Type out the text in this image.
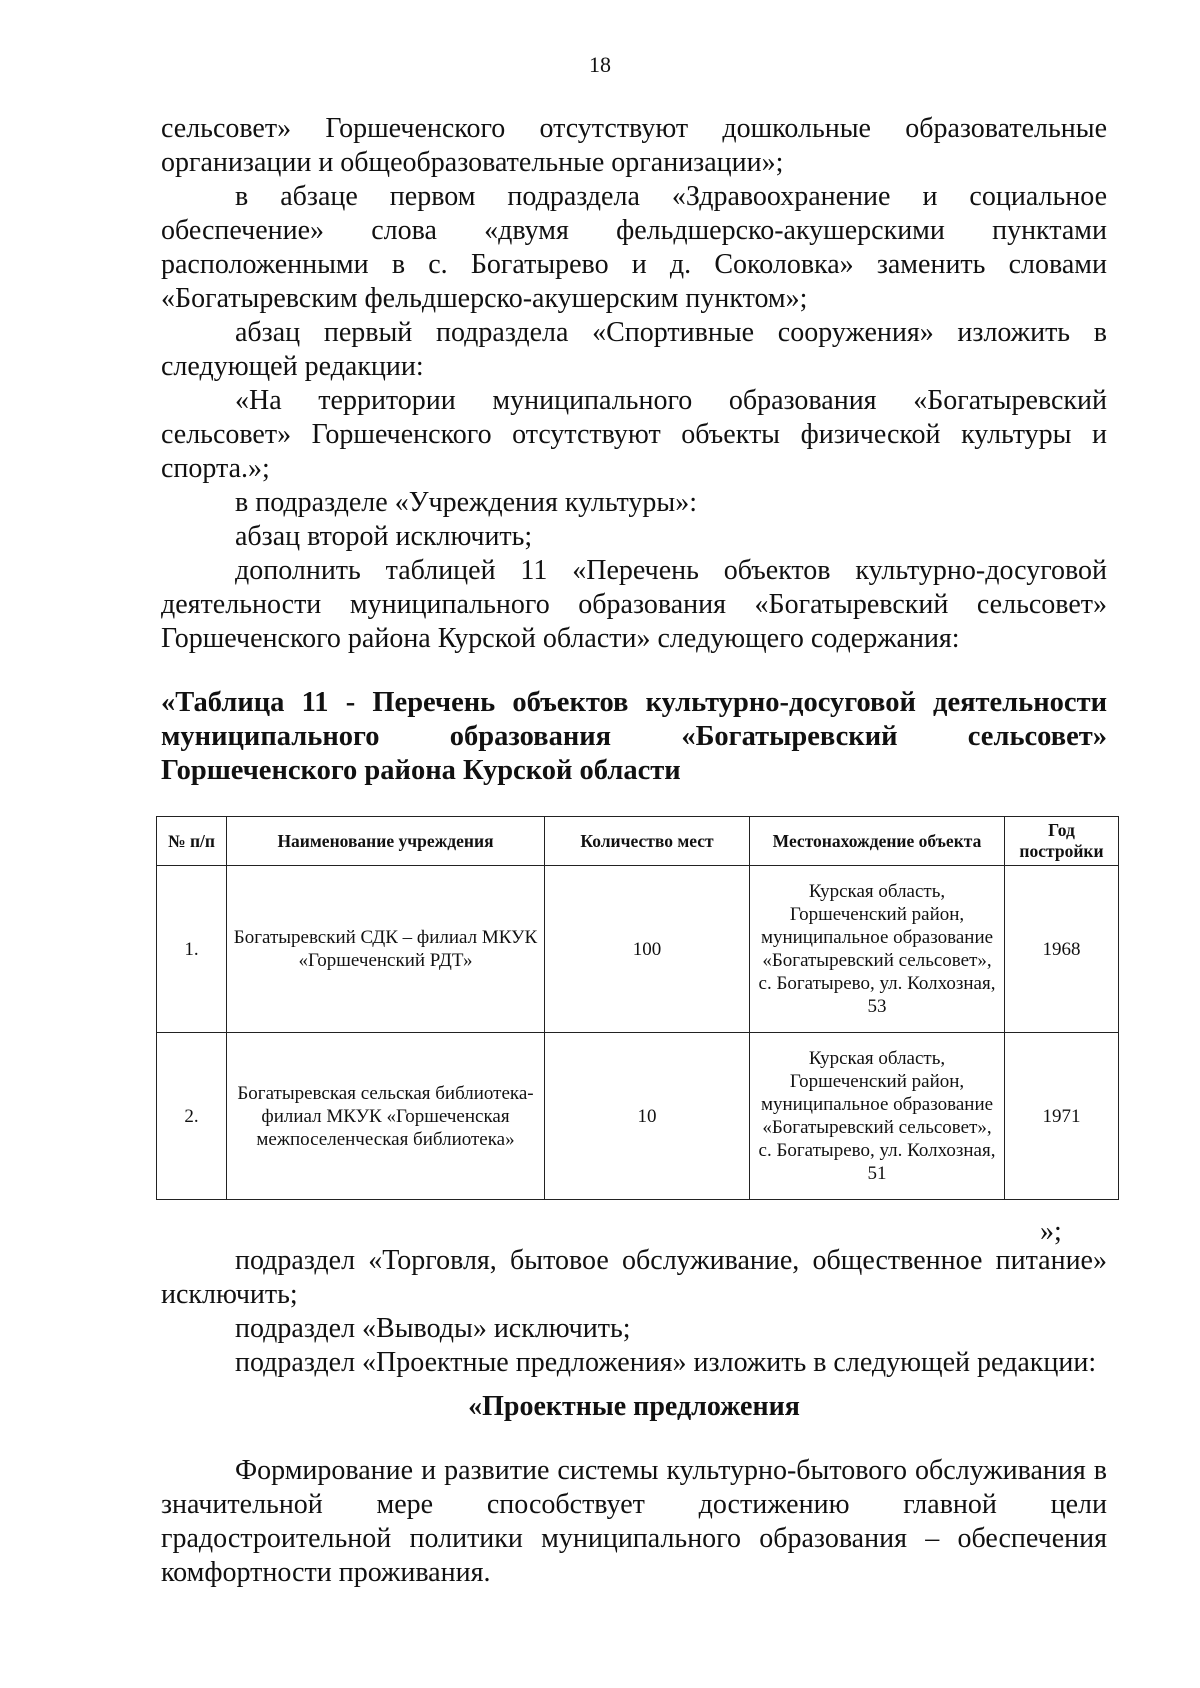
18
сельсовет» Горшеченского отсутствуют дошкольные образовательные
организации и общеобразовательные организации»;
в абзаце первом подраздела «Здравоохранение и социальное обеспечение» слова «двумя фельдшерско-акушерскими пунктами расположенными в с. Богатырево и д. Соколовка» заменить словами «Богатыревским фельдшерско-акушерским пунктом»;
абзац первый подраздела «Спортивные сооружения» изложить в следующей редакции:
«На территории муниципального образования «Богатыревский сельсовет» Горшеченского отсутствуют объекты физической культуры и спорта.»;
в подразделе «Учреждения культуры»:
абзац второй исключить;
дополнить таблицей 11 «Перечень объектов культурно-досуговой деятельности муниципального образования «Богатыревский сельсовет» Горшеченского района Курской области» следующего содержания:
«Таблица 11 - Перечень объектов культурно-досуговой деятельности муниципального образования «Богатыревский сельсовет» Горшеченского района Курской области
№ п/п	Наименование учреждения	Количество мест	Местонахождение объекта	Год постройки
1.	Богатыревский СДК – филиал МКУК «Горшеченский РДТ»	100	Курская область, Горшеченский район, муниципальное образование «Богатыревский сельсовет», с. Богатырево, ул. Колхозная, 53	1968
2.	Богатыревская сельская библиотека-филиал МКУК «Горшеченская межпоселенческая библиотека»	10	Курская область, Горшеченский район, муниципальное образование «Богатыревский сельсовет», с. Богатырево, ул. Колхозная, 51	1971
»;
подраздел «Торговля, бытовое обслуживание, общественное питание» исключить;
подраздел «Выводы» исключить;
подраздел «Проектные предложения» изложить в следующей редакции:
«Проектные предложения
Формирование и развитие системы культурно-бытового обслуживания в значительной мере способствует достижению главной цели градостроительной политики муниципального образования – обеспечения комфортности проживания.
